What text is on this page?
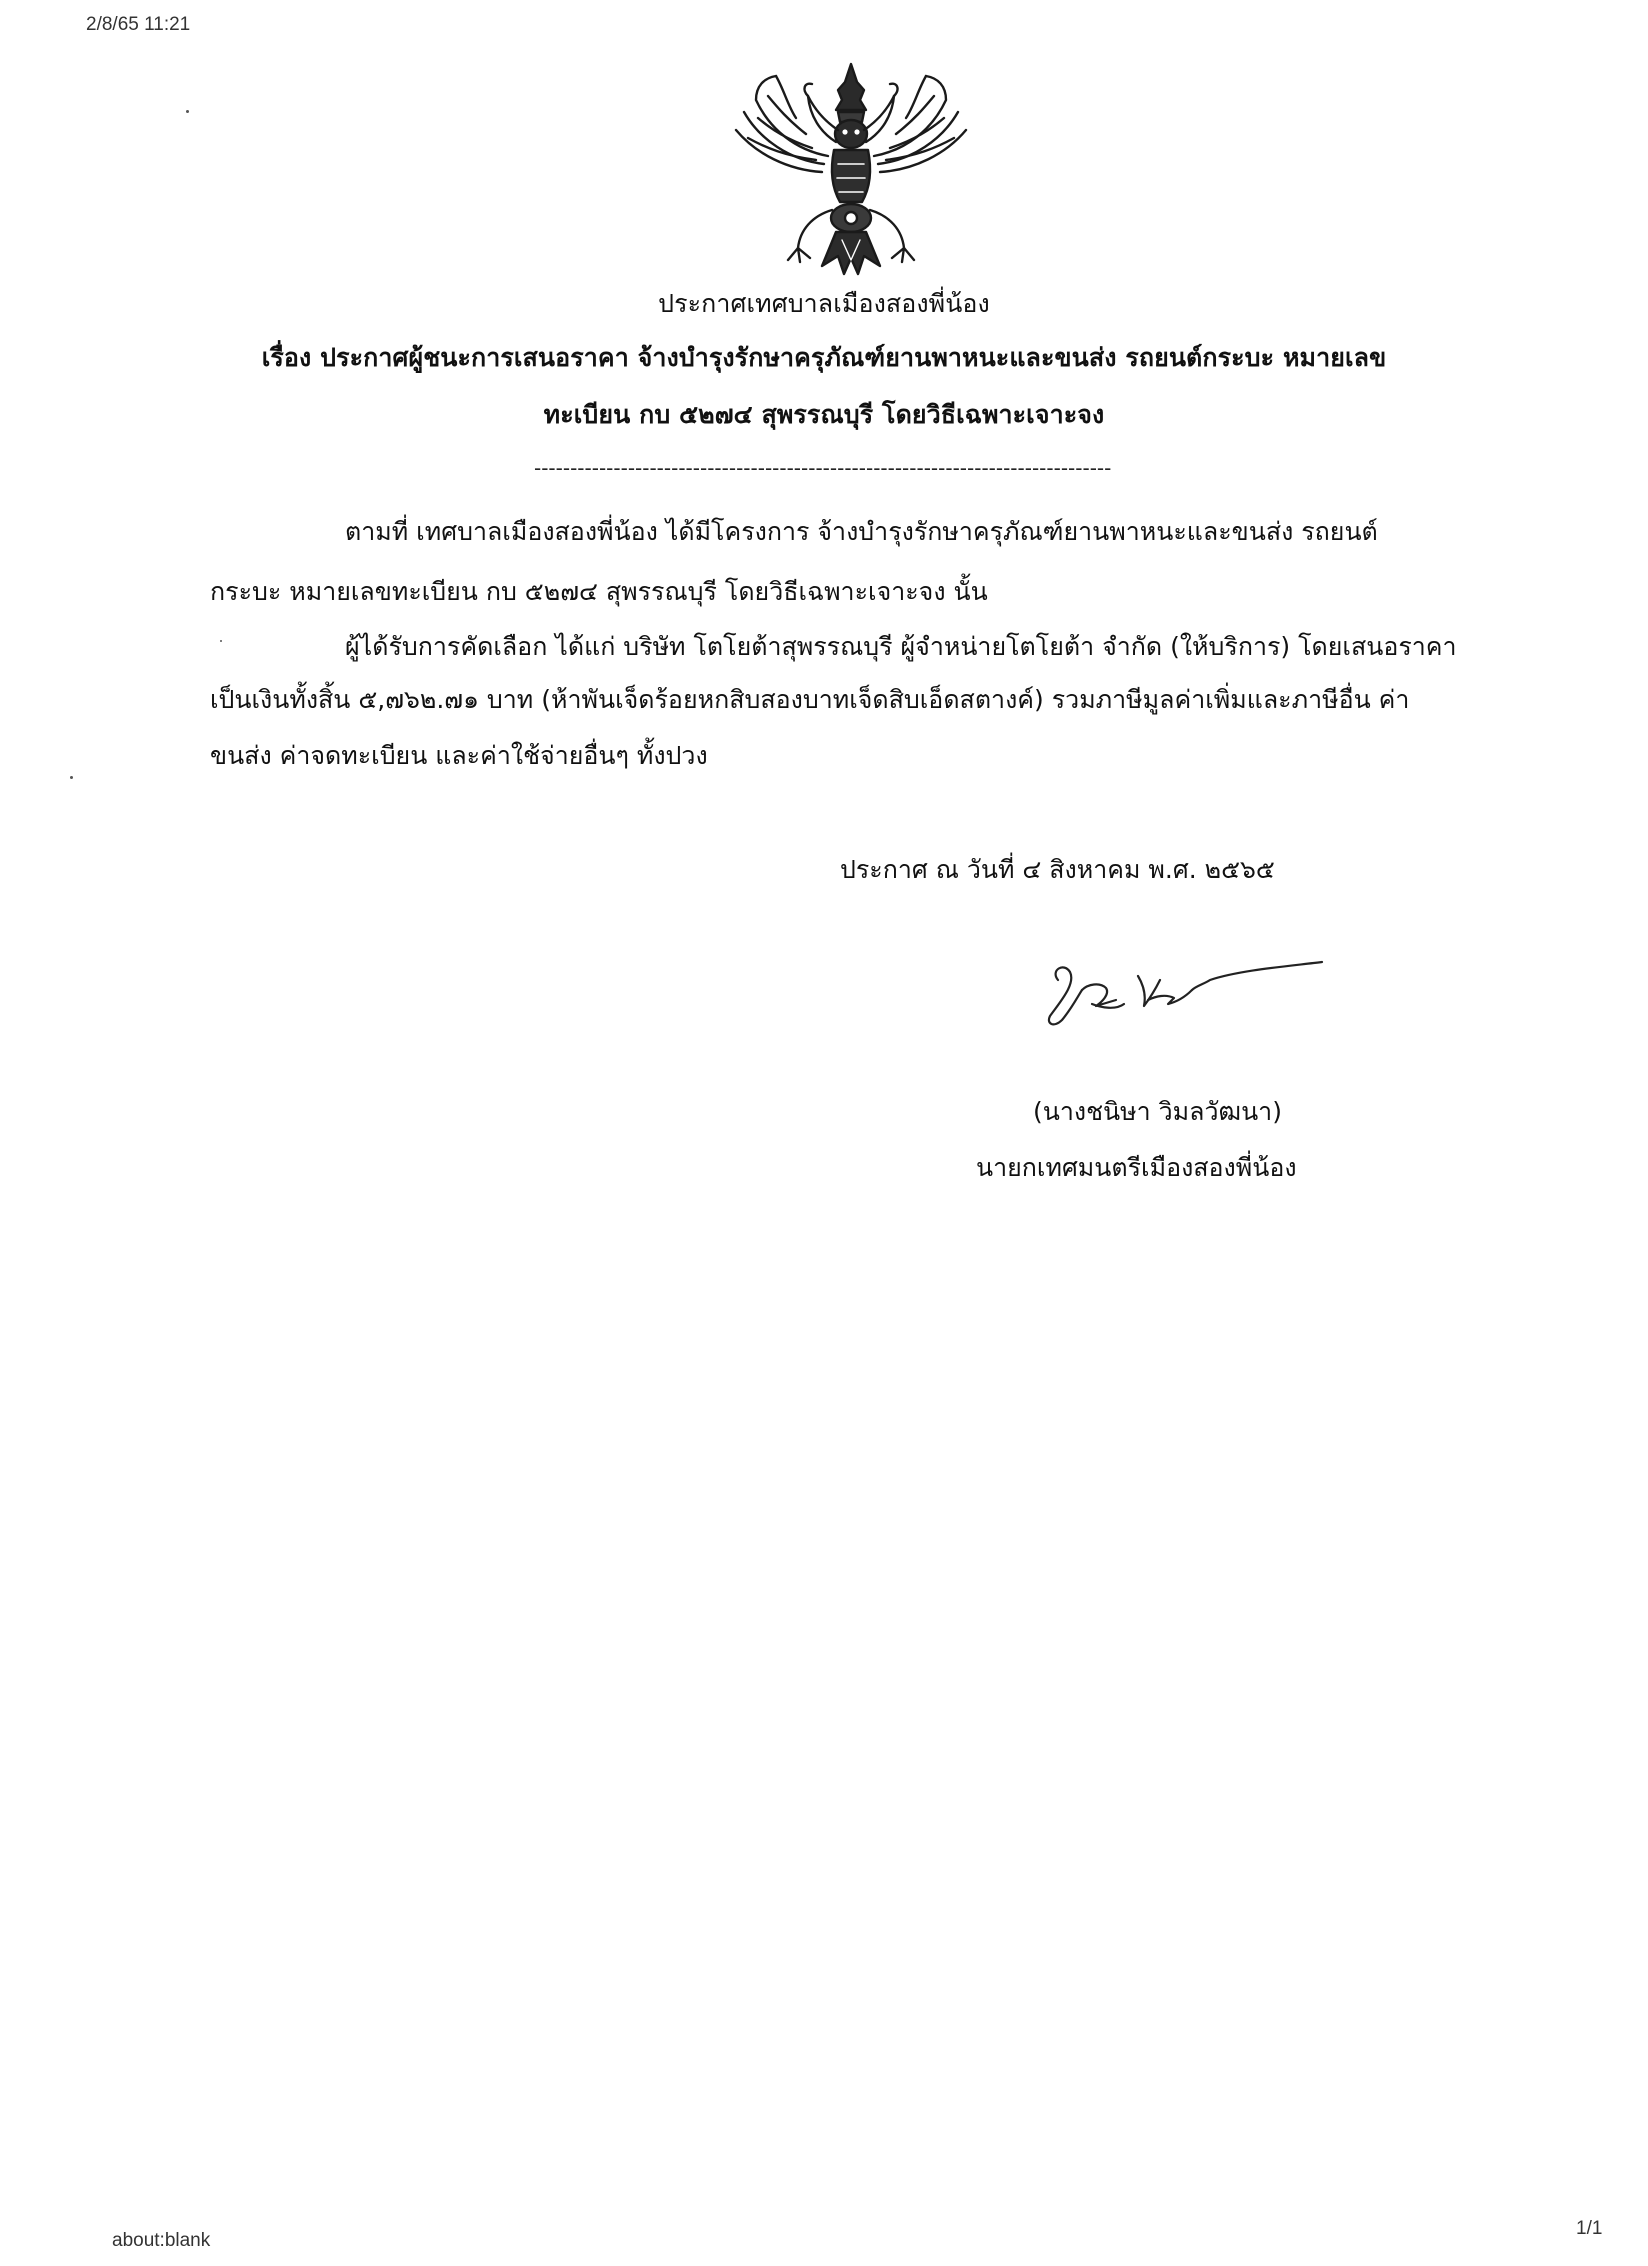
2/8/65 11:21
ประกาศเทศบาลเมืองสองพี่น้อง
เรื่อง ประกาศผู้ชนะการเสนอราคา จ้างบำรุงรักษาครุภัณฑ์ยานพาหนะและขนส่ง รถยนต์กระบะ หมายเลข
ทะเบียน กบ ๕๒๗๔ สุพรรณบุรี โดยวิธีเฉพาะเจาะจง
--------------------------------------------------------------------------------
ตามที่ เทศบาลเมืองสองพี่น้อง ได้มีโครงการ จ้างบำรุงรักษาครุภัณฑ์ยานพาหนะและขนส่ง รถยนต์
กระบะ หมายเลขทะเบียน กบ ๕๒๗๔ สุพรรณบุรี โดยวิธีเฉพาะเจาะจง นั้น
ผู้ได้รับการคัดเลือก ได้แก่ บริษัท โตโยต้าสุพรรณบุรี ผู้จำหน่ายโตโยต้า จำกัด (ให้บริการ) โดยเสนอราคา
เป็นเงินทั้งสิ้น ๕,๗๖๒.๗๑ บาท (ห้าพันเจ็ดร้อยหกสิบสองบาทเจ็ดสิบเอ็ดสตางค์) รวมภาษีมูลค่าเพิ่มและภาษีอื่น ค่า
ขนส่ง ค่าจดทะเบียน และค่าใช้จ่ายอื่นๆ ทั้งปวง
ประกาศ ณ วันที่ ๔ สิงหาคม พ.ศ. ๒๕๖๕
(นางชนิษา วิมลวัฒนา)
นายกเทศมนตรีเมืองสองพี่น้อง
about:blank
1/1
